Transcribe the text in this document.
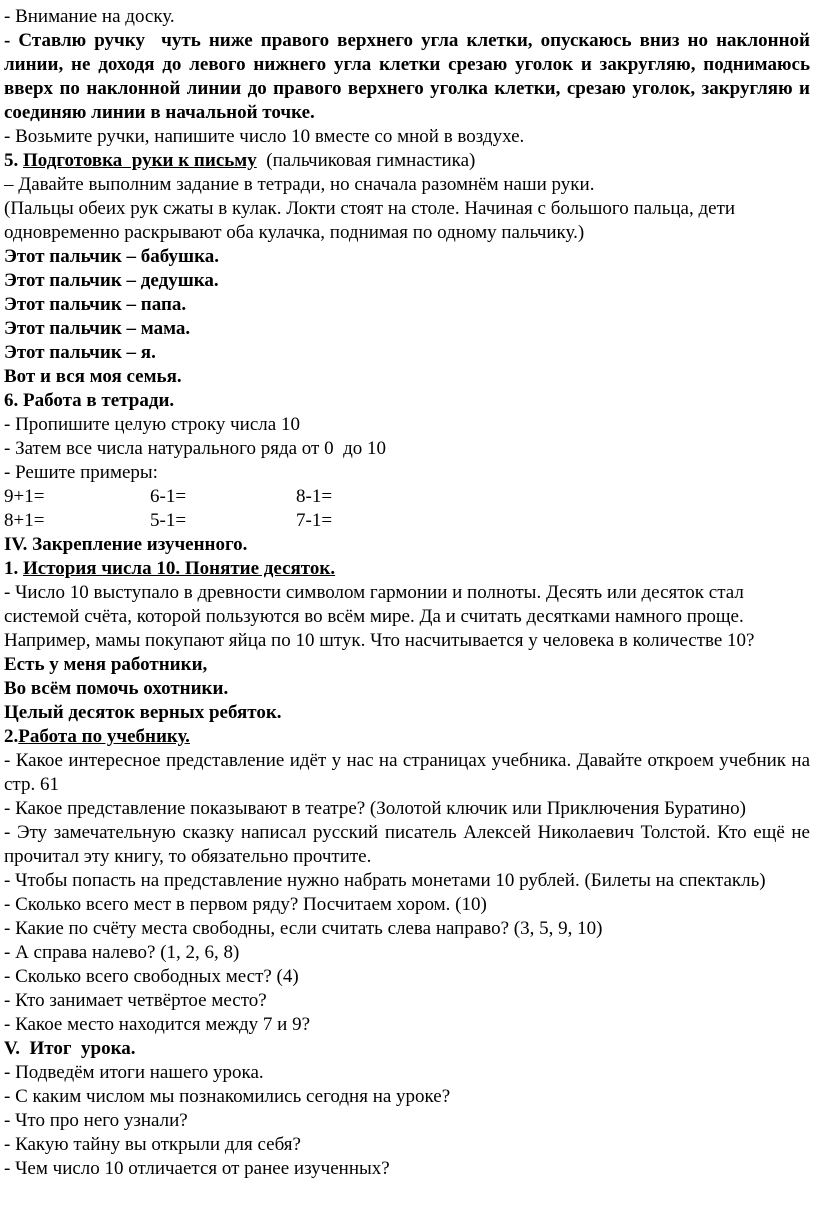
- Внимание на доску.
- Ставлю ручку  чуть ниже правого верхнего угла клетки, опускаюсь вниз но наклонной линии, не доходя до левого нижнего угла клетки срезаю уголок и закругляю, поднимаюсь вверх по наклонной линии до правого верхнего уголка клетки, срезаю уголок, закругляю и соединяю линии в начальной точке.
- Возьмите ручки, напишите число 10 вместе со мной в воздухе.
5. Подготовка  руки к письму  (пальчиковая гимнастика)
– Давайте выполним задание в тетради, но сначала разомнём наши руки.
(Пальцы обеих рук сжаты в кулак. Локти стоят на столе. Начиная с большого пальца, дети одновременно раскрывают оба кулачка, поднимая по одному пальчику.)
Этот пальчик – бабушка.
Этот пальчик – дедушка.
Этот пальчик – папа.
Этот пальчик – мама.
Этот пальчик – я.
Вот и вся моя семья.
6. Работа в тетради.
- Пропишите целую строку числа 10
- Затем все числа натурального ряда от 0  до 10
- Решите примеры:
9+1=	6-1=	8-1=
8+1=	5-1=	7-1=
IV. Закрепление изученного.
1. История числа 10. Понятие десяток.
- Число 10 выступало в древности символом гармонии и полноты. Десять или десяток стал системой счёта, которой пользуются во всём мире. Да и считать десятками намного проще. Например, мамы покупают яйца по 10 штук. Что насчитывается у человека в количестве 10?
Есть у меня работники,
Во всём помочь охотники.
Целый десяток верных ребяток.
2.Работа по учебнику.
- Какое интересное представление идёт у нас на страницах учебника. Давайте откроем учебник на стр. 61
- Какое представление показывают в театре? (Золотой ключик или Приключения Буратино)
- Эту замечательную сказку написал русский писатель Алексей Николаевич Толстой. Кто ещё не прочитал эту книгу, то обязательно прочтите.
- Чтобы попасть на представление нужно набрать монетами 10 рублей. (Билеты на спектакль)
- Сколько всего мест в первом ряду? Посчитаем хором. (10)
- Какие по счёту места свободны, если считать слева направо? (3, 5, 9, 10)
- А справа налево? (1, 2, 6, 8)
- Сколько всего свободных мест? (4)
- Кто занимает четвёртое место?
- Какое место находится между 7 и 9?
V.  Итог  урока.
- Подведём итоги нашего урока.
- С каким числом мы познакомились сегодня на уроке?
- Что про него узнали?
- Какую тайну вы открыли для себя?
- Чем число 10 отличается от ранее изученных?
